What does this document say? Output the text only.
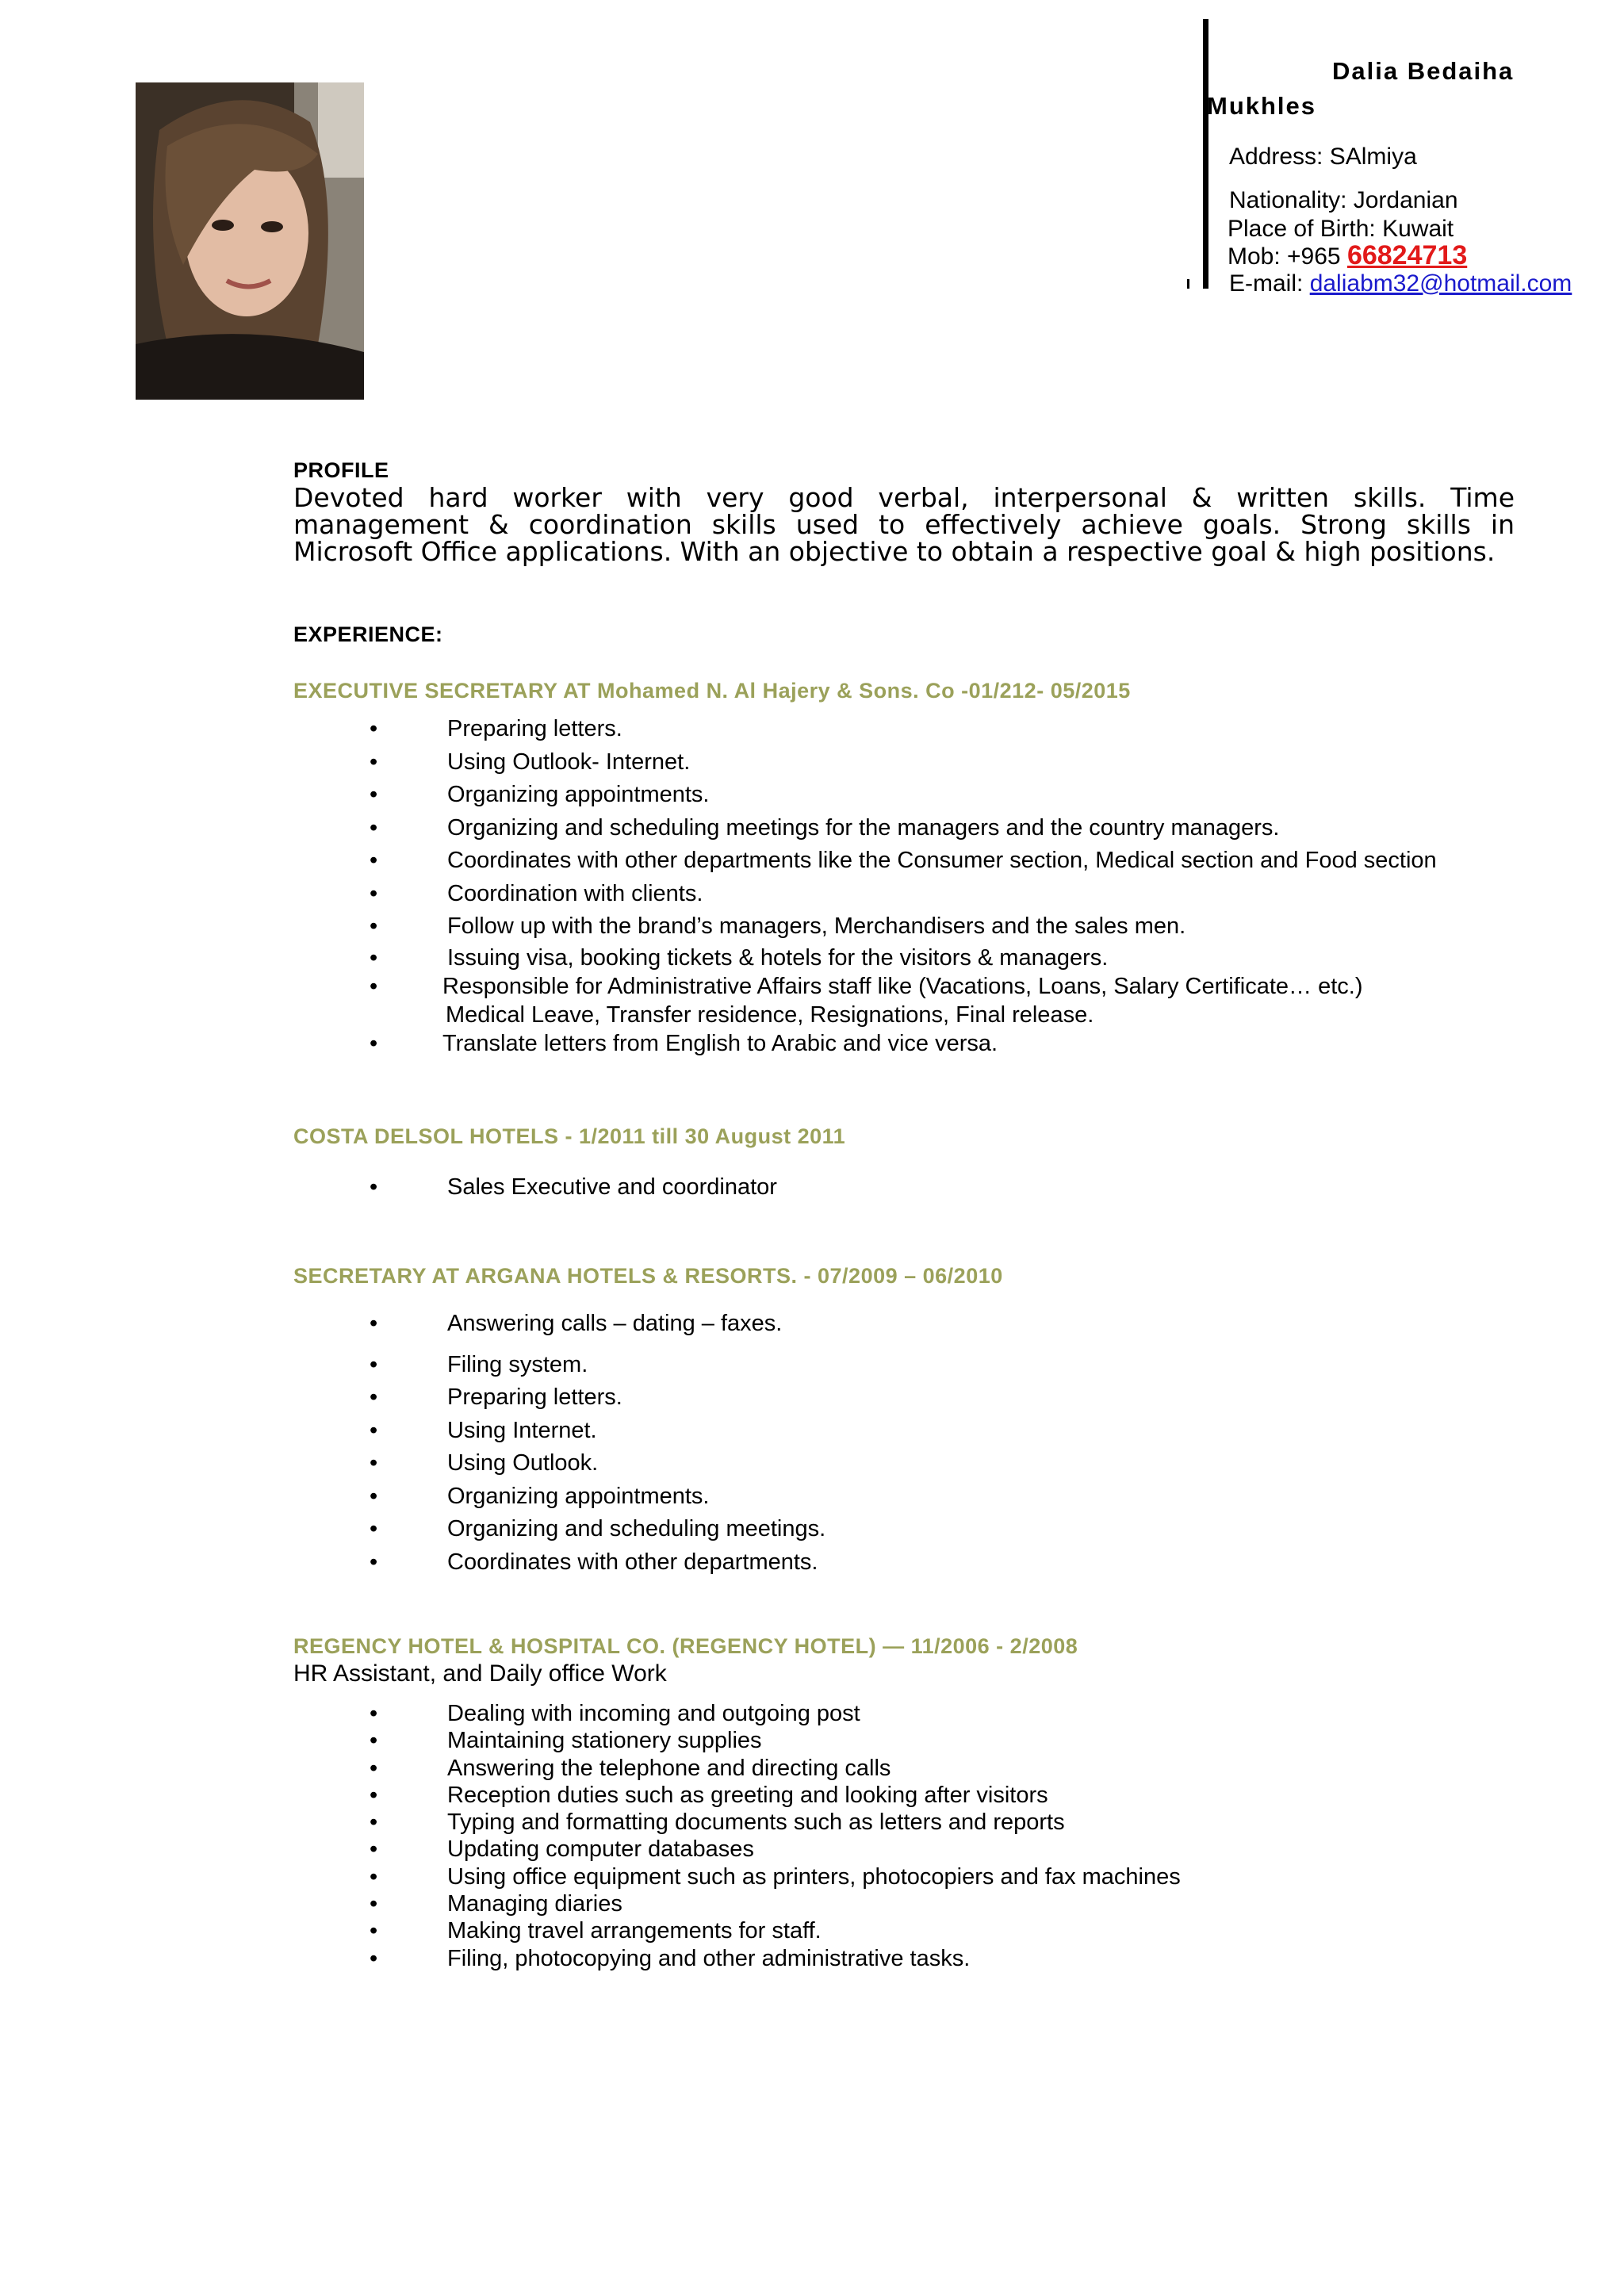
Dalia Bedaiha
Mukhles
Address: SAlmiya
Nationality: Jordanian
Place of Birth: Kuwait
Mob: +965 66824713
E-mail: daliabm32@hotmail.com
PROFILE

Devoted hard worker with very good verbal, interpersonal & written skills. Time management & coordination skills used to effectively achieve goals. Strong skills in Microsoft Office applications. With an objective to obtain a respective goal & high positions.

EXPERIENCE:
EXECUTIVE SECRETARY AT Mohamed N. Al Hajery & Sons. Co -01/212- 05/2015
•	Preparing letters.
•	Using Outlook- Internet.
•	Organizing appointments.
•	Organizing and scheduling meetings for the managers and the country managers.
•	Coordinates with other departments like the Consumer section, Medical section and Food section
•	Coordination with clients.
•	Follow up with the brand’s managers, Merchandisers and the sales men.
•	Issuing visa, booking tickets & hotels for the visitors & managers.
•	Responsible for Administrative Affairs staff like (Vacations, Loans, Salary Certificate… etc.)
Medical Leave, Transfer residence, Resignations, Final release.
•	Translate letters from English to Arabic and vice versa.
COSTA DELSOL HOTELS - 1/2011 till 30 August 2011
•	Sales Executive and coordinator
SECRETARY AT ARGANA HOTELS & RESORTS. - 07/2009 – 06/2010
•	Answering calls – dating – faxes.
•	Filing system.
•	Preparing letters.
•	Using Internet.
•	Using Outlook.
•	Organizing appointments.
•	Organizing and scheduling meetings.
•	Coordinates with other departments.
REGENCY HOTEL & HOSPITAL CO. (REGENCY HOTEL) — 11/2006 - 2/2008
HR Assistant, and Daily office Work
•	Dealing with incoming and outgoing post
•	Maintaining stationery supplies
•	Answering the telephone and directing calls
•	Reception duties such as greeting and looking after visitors
•	Typing and formatting documents such as letters and reports
•	Updating computer databases
•	Using office equipment such as printers, photocopiers and fax machines
•	Managing diaries
•	Making travel arrangements for staff.
•	Filing, photocopying and other administrative tasks.
